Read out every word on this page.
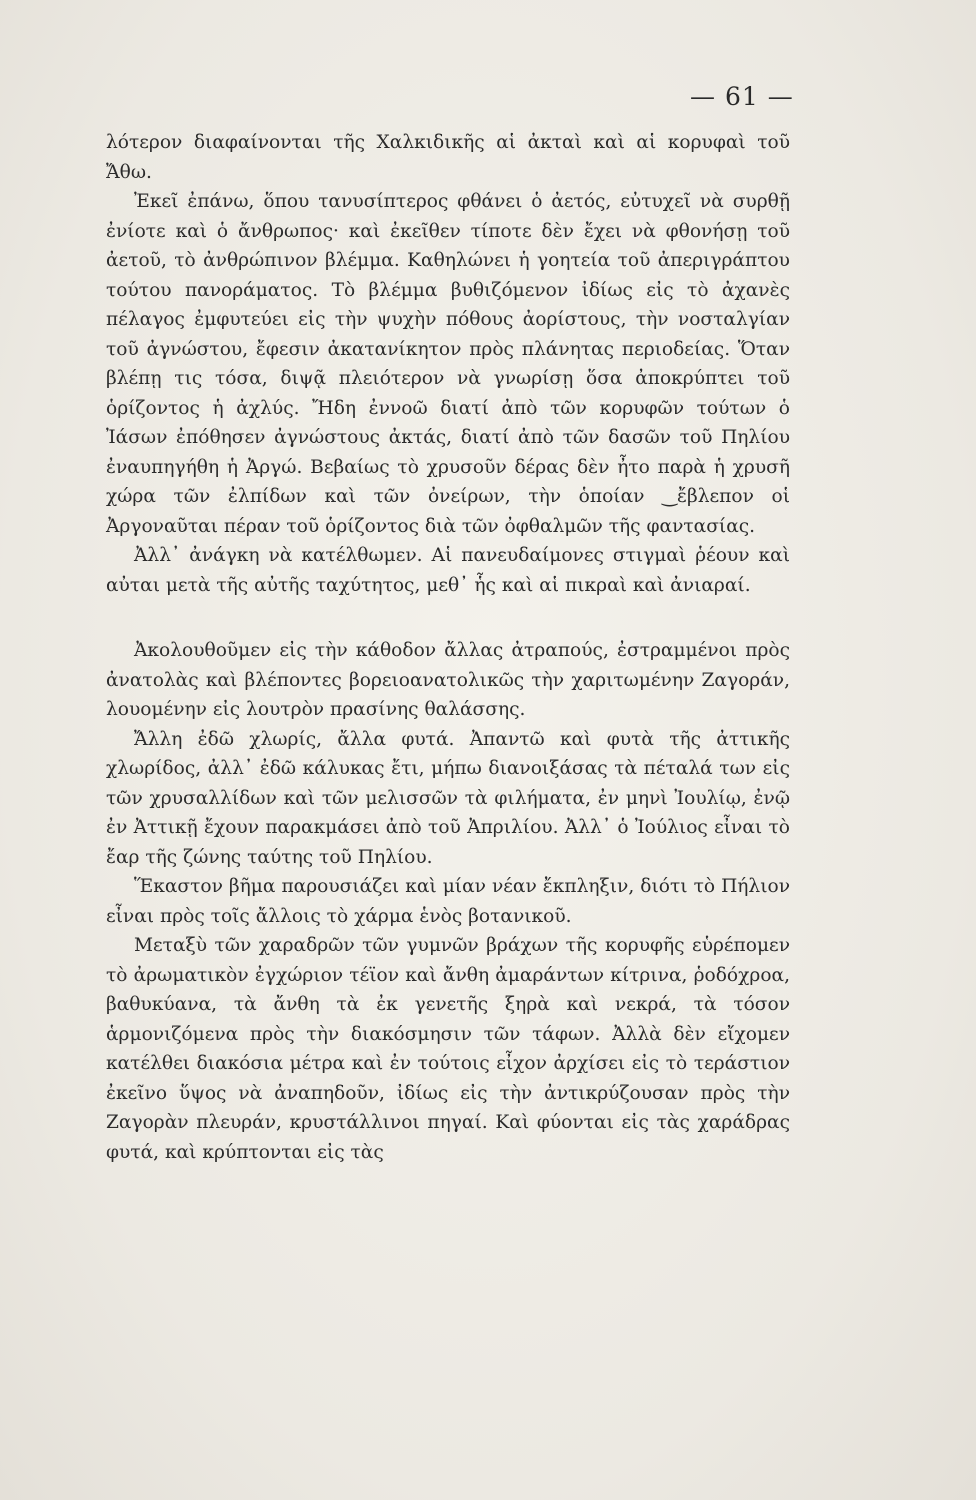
— 61 —

λότερον διαφαίνονται τῆς Χαλκιδικῆς αἱ ἀκταὶ καὶ αἱ κορυφαὶ τοῦ Ἄθω.

Ἐκεῖ ἐπάνω, ὅπου τανυσίπτερος φθάνει ὁ ἀετός, εὐτυχεῖ νὰ συρθῇ ἐνίοτε καὶ ὁ ἄνθρωπος· καὶ ἐκεῖθεν τίποτε δὲν ἔχει νὰ φθονήσῃ τοῦ ἀετοῦ, τὸ ἀνθρώπινον βλέμμα. Καθηλώνει ἡ γοητεία τοῦ ἀπεριγράπτου τούτου πανοράματος. Τὸ βλέμμα βυθιζόμενον ἰδίως εἰς τὸ ἀχανὲς πέλαγος ἐμφυτεύει εἰς τὴν ψυχὴν πόθους ἀορίστους, τὴν νοσταλγίαν τοῦ ἀγνώστου, ἔφεσιν ἀκατανίκητον πρὸς πλάνητας περιοδείας. Ὅταν βλέπῃ τις τόσα, διψᾷ πλειότερον νὰ γνωρίσῃ ὅσα ἀποκρύπτει τοῦ ὁρίζοντος ἡ ἀχλύς. Ἤδη ἐννοῶ διατί ἀπὸ τῶν κορυφῶν τούτων ὁ Ἰάσων ἐπόθησεν ἀγνώστους ἀκτάς, διατί ἀπὸ τῶν δασῶν τοῦ Πηλίου ἐναυπηγήθη ἡ Ἀργώ. Βεβαίως τὸ χρυσοῦν δέρας δὲν ἦτο παρὰ ἡ χρυσῆ χώρα τῶν ἐλπίδων καὶ τῶν ὀνείρων, τὴν ὁποίαν ‿ἔβλεπον οἱ Ἀργοναῦται πέραν τοῦ ὁρίζοντος διὰ τῶν ὀφθαλμῶν τῆς φαντασίας.

Ἀλλ᾽ ἀνάγκη νὰ κατέλθωμεν. Αἱ πανευδαίμονες στιγμαὶ ῥέουν καὶ αὐται μετὰ τῆς αὐτῆς ταχύτητος, μεθ᾽ ἧς καὶ αἱ πικραὶ καὶ ἀνιαραί.

Ἀκολουθοῦμεν εἰς τὴν κάθοδον ἄλλας ἀτραπούς, ἐστραμμένοι πρὸς ἀνατολὰς καὶ βλέποντες βορειοανατολικῶς τὴν χαριτωμένην Ζαγοράν, λουομένην εἰς λουτρὸν πρασίνης θαλάσσης.

Ἄλλη ἐδῶ χλωρίς, ἄλλα φυτά. Ἀπαντῶ καὶ φυτὰ τῆς ἀττικῆς χλωρίδος, ἀλλ᾽ ἐδῶ κάλυκας ἔτι, μήπω διανοιξάσας τὰ πέταλά των εἰς τῶν χρυσαλλίδων καὶ τῶν μελισσῶν τὰ φιλήματα, ἐν μηνὶ Ἰουλίῳ, ἐνῷ ἐν Ἀττικῇ ἔχουν παρακμάσει ἀπὸ τοῦ Ἀπριλίου. Ἀλλ᾽ ὁ Ἰούλιος εἶναι τὸ ἔαρ τῆς ζώνης ταύτης τοῦ Πηλίου.

Ἕκαστον βῆμα παρουσιάζει καὶ μίαν νέαν ἔκπληξιν, διότι τὸ Πήλιον εἶναι πρὸς τοῖς ἄλλοις τὸ χάρμα ἑνὸς βοτανικοῦ.

Μεταξὺ τῶν χαραδρῶν τῶν γυμνῶν βράχων τῆς κορυφῆς εὑρέπομεν τὸ ἀρωματικὸν ἐγχώριον τέϊον καὶ ἄνθη ἀμαράντων κίτρινα, ῥοδόχροα, βαθυκύανα, τὰ ἄνθη τὰ ἐκ γενετῆς ξηρὰ καὶ νεκρά, τὰ τόσον ἁρμονιζόμενα πρὸς τὴν διακόσμησιν τῶν τάφων. Ἀλλὰ δὲν εἴχομεν κατέλθει διακόσια μέτρα καὶ ἐν τούτοις εἶχον ἀρχίσει εἰς τὸ τεράστιον ἐκεῖνο ὕψος νὰ ἀναπηδοῦν, ἰδίως εἰς τὴν ἀντικρύζουσαν πρὸς τὴν Ζαγορὰν πλευράν, κρυστάλλινοι πηγαί. Καὶ φύονται εἰς τὰς χαράδρας φυτά, καὶ κρύπτονται εἰς τὰς
